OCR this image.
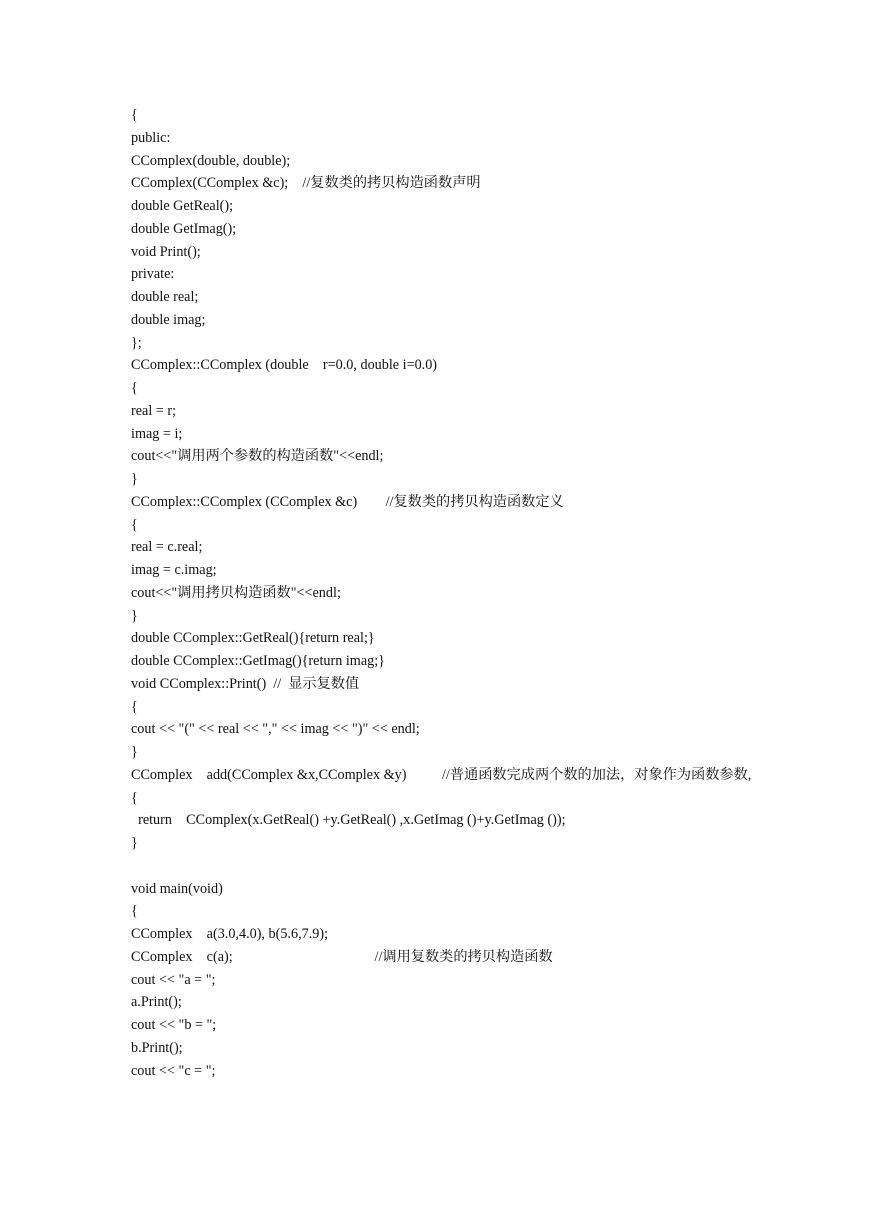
{
public:
CComplex(double, double);
CComplex(CComplex &c);    //复数类的拷贝构造函数声明
double GetReal();
double GetImag();
void Print();
private:
double real;
double imag;
};
CComplex::CComplex (double    r=0.0, double i=0.0)
{
real = r;
imag = i;
cout<<"调用两个参数的构造函数"<<endl;
}
CComplex::CComplex (CComplex &c)        //复数类的拷贝构造函数定义
{
real = c.real;
imag = c.imag;
cout<<"调用拷贝构造函数"<<endl;
}
double CComplex::GetReal(){return real;}
double CComplex::GetImag(){return imag;}
void CComplex::Print()  //  显示复数值
{
cout << "(" << real << "," << imag << ")" << endl;
}
CComplex    add(CComplex &x,CComplex &y)          //普通函数完成两个数的加法，对象作为函数参数,
{
return    CComplex(x.GetReal() +y.GetReal() ,x.GetImag ()+y.GetImag ());
}
void main(void)
{
CComplex    a(3.0,4.0), b(5.6,7.9);
CComplex    c(a);                                        //调用复数类的拷贝构造函数
cout << "a = ";
a.Print();
cout << "b = ";
b.Print();
cout << "c = ";
